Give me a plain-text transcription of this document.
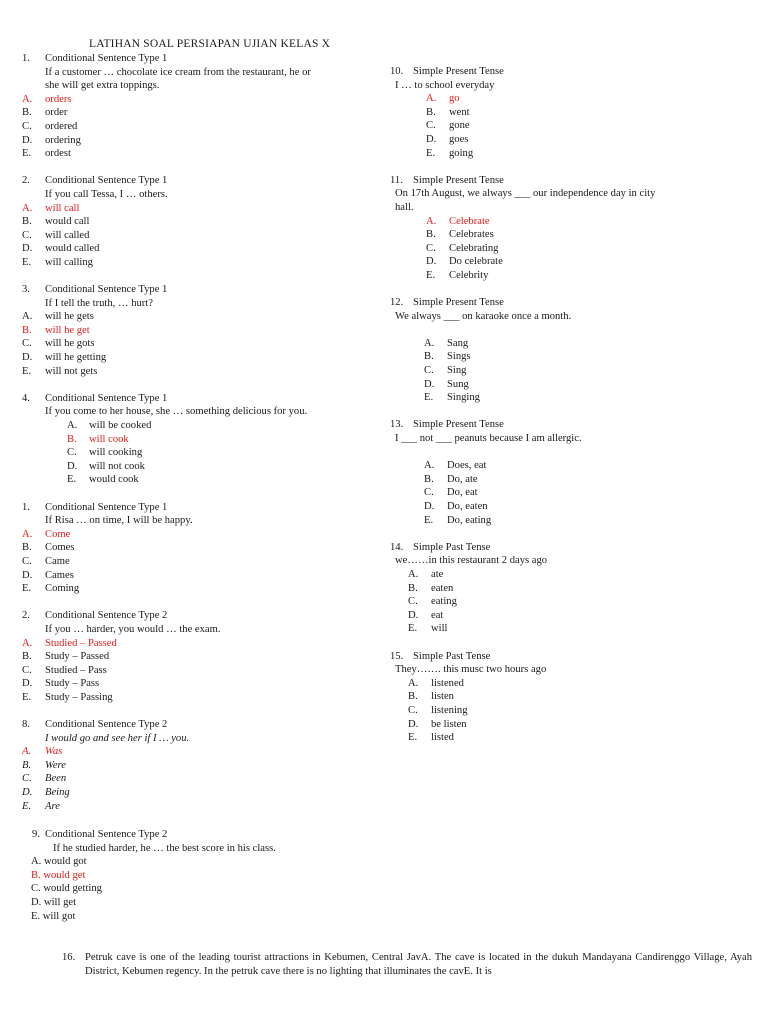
LATIHAN SOAL PERSIAPAN UJIAN KELAS X
1.	Conditional Sentence Type 1
If a customer … chocolate ice cream from the restaurant, he or
she will get extra toppings.
A.	orders
B.	order
C.	ordered
D.	ordering
E.	ordest
2.	Conditional Sentence Type 1
If you call Tessa, I … others.
A.	will call
B.	would call
C.	will called
D.	would called
E.	will calling
3.	Conditional Sentence Type 1
If I tell the truth, … hurt?
A.	will he gets
B.	will he get
C.	will he gots
D.	will he getting
E.	will not gets
4.	Conditional Sentence Type 1
If you come to her house, she … something delicious for you.
A.	will be cooked
B.	will cook
C.	will cooking
D.	will not cook
E.	would cook
1.	Conditional Sentence Type 1
If Risa … on time, I will be happy.
A.	Come
B.	Comes
C.	Came
D.	Cames
E.	Coming
2.	Conditional Sentence Type 2
If you … harder, you would … the exam.
A.	Studied – Passed
B.	Study – Passed
C.	Studied – Pass
D.	Study – Pass
E.	Study – Passing
8.	Conditional Sentence Type 2
I would go and see her if I … you.
A.	Was
B.	Were
C.	Been
D.	Being
E.	Are
9. Conditional Sentence Type 2
If he studied harder, he … the best score in his class.
A. would got
B. would get
C. would getting
D. will get
E. will got
10. Simple Present Tense
I … to school everyday
A.	go
B.	went
C.	gone
D.	goes
E.	going
11. Simple Present Tense
On 17th August, we always ___ our independence day in city
hall.
A.	Celebrate
B.	Celebrates
C.	Celebrating
D.	Do celebrate
E.	Celebrity
12. Simple Present Tense
We always ___ on karaoke once a month.
A.	Sang
B.	Sings
C.	Sing
D.	Sung
E.	Singing
13. Simple Present Tense
I ___ not ___ peanuts because I am allergic.
A.	Does, eat
B.	Do, ate
C.	Do, eat
D.	Do, eaten
E.	Do, eating
14. Simple Past Tense
we……in this restaurant 2 days ago
A.	ate
B.	eaten
C.	eating
D.	eat
E.	will
15. Simple Past Tense
They……. this musc two hours ago
A.	listened
B.	listen
C.	listening
D.	be listen
E.	listed
16. Petruk cave is one of the leading tourist attractions in Kebumen, Central JavA. The cave is located in the dukuh Mandayana Candirenggo Village, Ayah District, Kebumen regency. In the petruk cave there is no lighting that illuminates the cavE. It is
